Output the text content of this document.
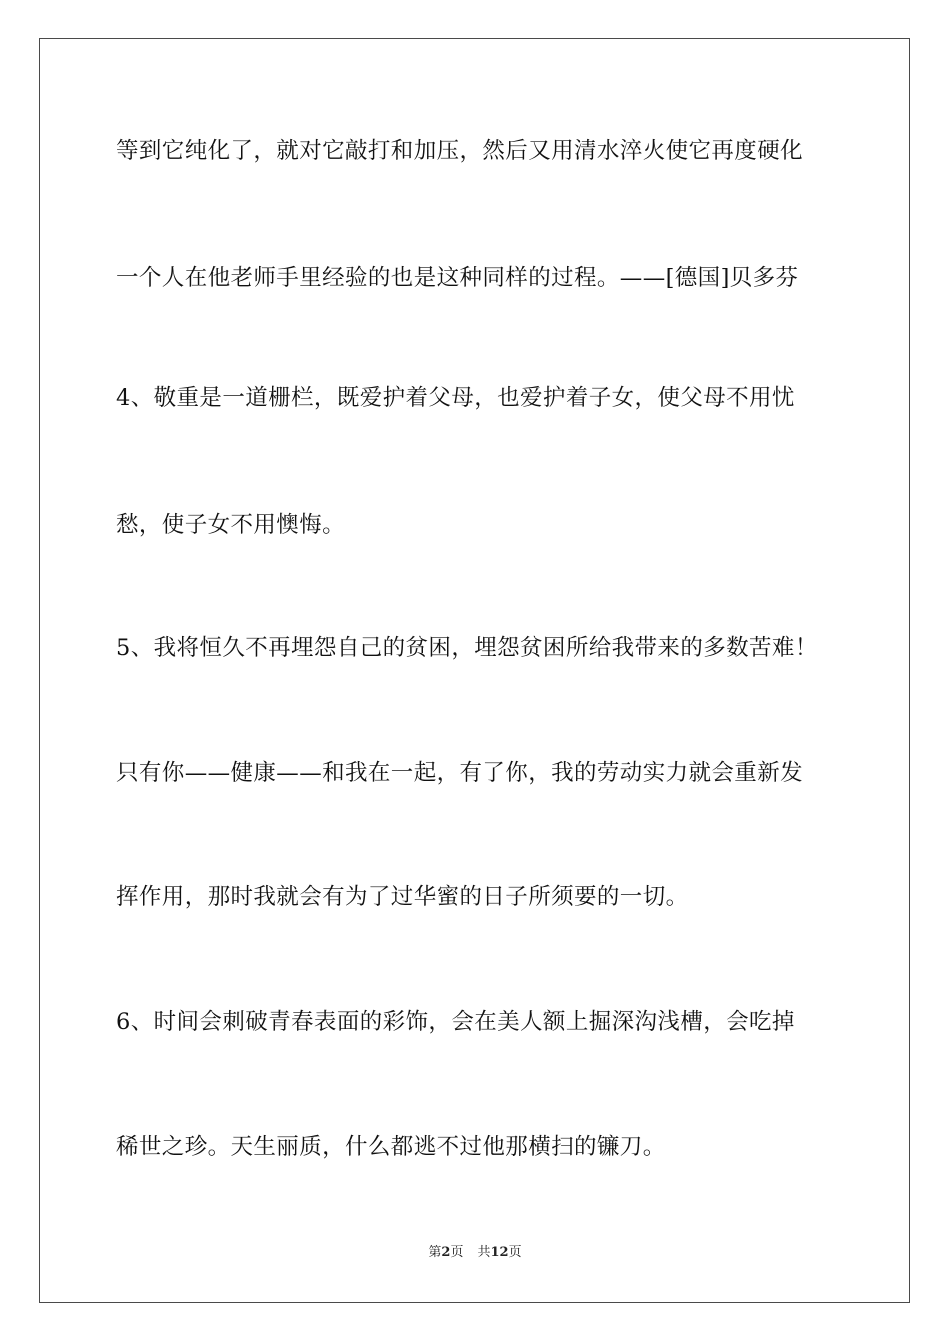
等到它纯化了，就对它敲打和加压，然后又用清水淬火使它再度硬化
一个人在他老师手里经验的也是这种同样的过程。——[德国]贝多芬
4、敬重是一道栅栏，既爱护着父母，也爱护着子女，使父母不用忧
愁，使子女不用懊悔。
5、我将恒久不再埋怨自己的贫困，埋怨贫困所给我带来的多数苦难！
只有你——健康——和我在一起，有了你，我的劳动实力就会重新发
挥作用，那时我就会有为了过华蜜的日子所须要的一切。
6、时间会刺破青春表面的彩饰，会在美人额上掘深沟浅槽，会吃掉
稀世之珍。天生丽质，什么都逃不过他那横扫的镰刀。
第2页 共12页
